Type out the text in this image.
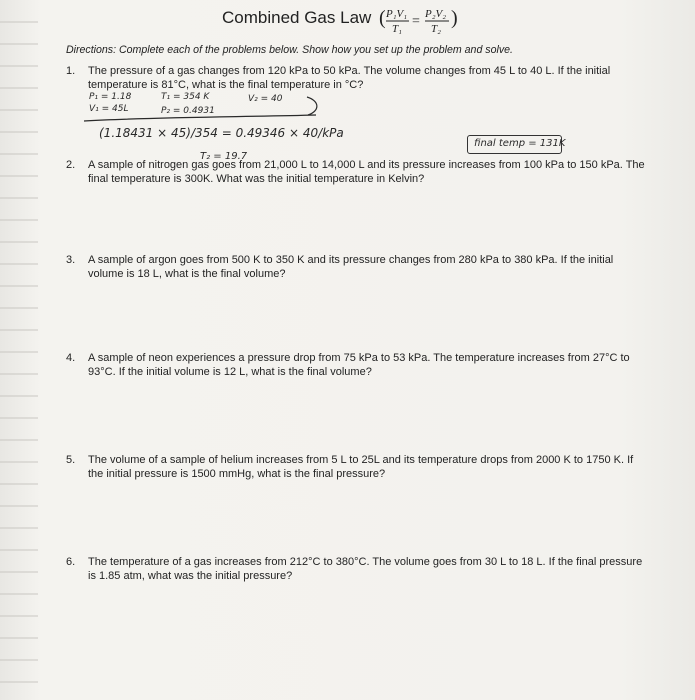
Combined Gas Law ( P₁V₁
T₁ = P₂V₂
T₂ )
Directions: Complete each of the problems below. Show how you set up the problem and solve.
1.	The pressure of a gas changes from 120 kPa to 50 kPa. The volume changes from 45 L to 40 L. If the initial temperature is 81°C, what is the final temperature in °C?
P₁ = 1.18
V₁ = 45L
T₁ = 354 K
P₂ = 0.4931
V₂ = 40
(1.18431 × 45)/354 = 0.49346 × 40/kPa
T₂ = 19.7
final temp = 131K
2.	A sample of nitrogen gas goes from 21,000 L to 14,000 L and its pressure increases from 100 kPa to 150 kPa. The final temperature is 300K. What was the initial temperature in Kelvin?
3.	A sample of argon goes from 500 K to 350 K and its pressure changes from 280 kPa to 380 kPa. If the initial volume is 18 L, what is the final volume?
4.	A sample of neon experiences a pressure drop from 75 kPa to 53 kPa. The temperature increases from 27°C to 93°C. If the initial volume is 12 L, what is the final volume?
5.	The volume of a sample of helium increases from 5 L to 25L and its temperature drops from 2000 K to 1750 K. If the initial pressure is 1500 mmHg, what is the final pressure?
6.	The temperature of a gas increases from 212°C to 380°C. The volume goes from 30 L to 18 L. If the final pressure is 1.85 atm, what was the initial pressure?
